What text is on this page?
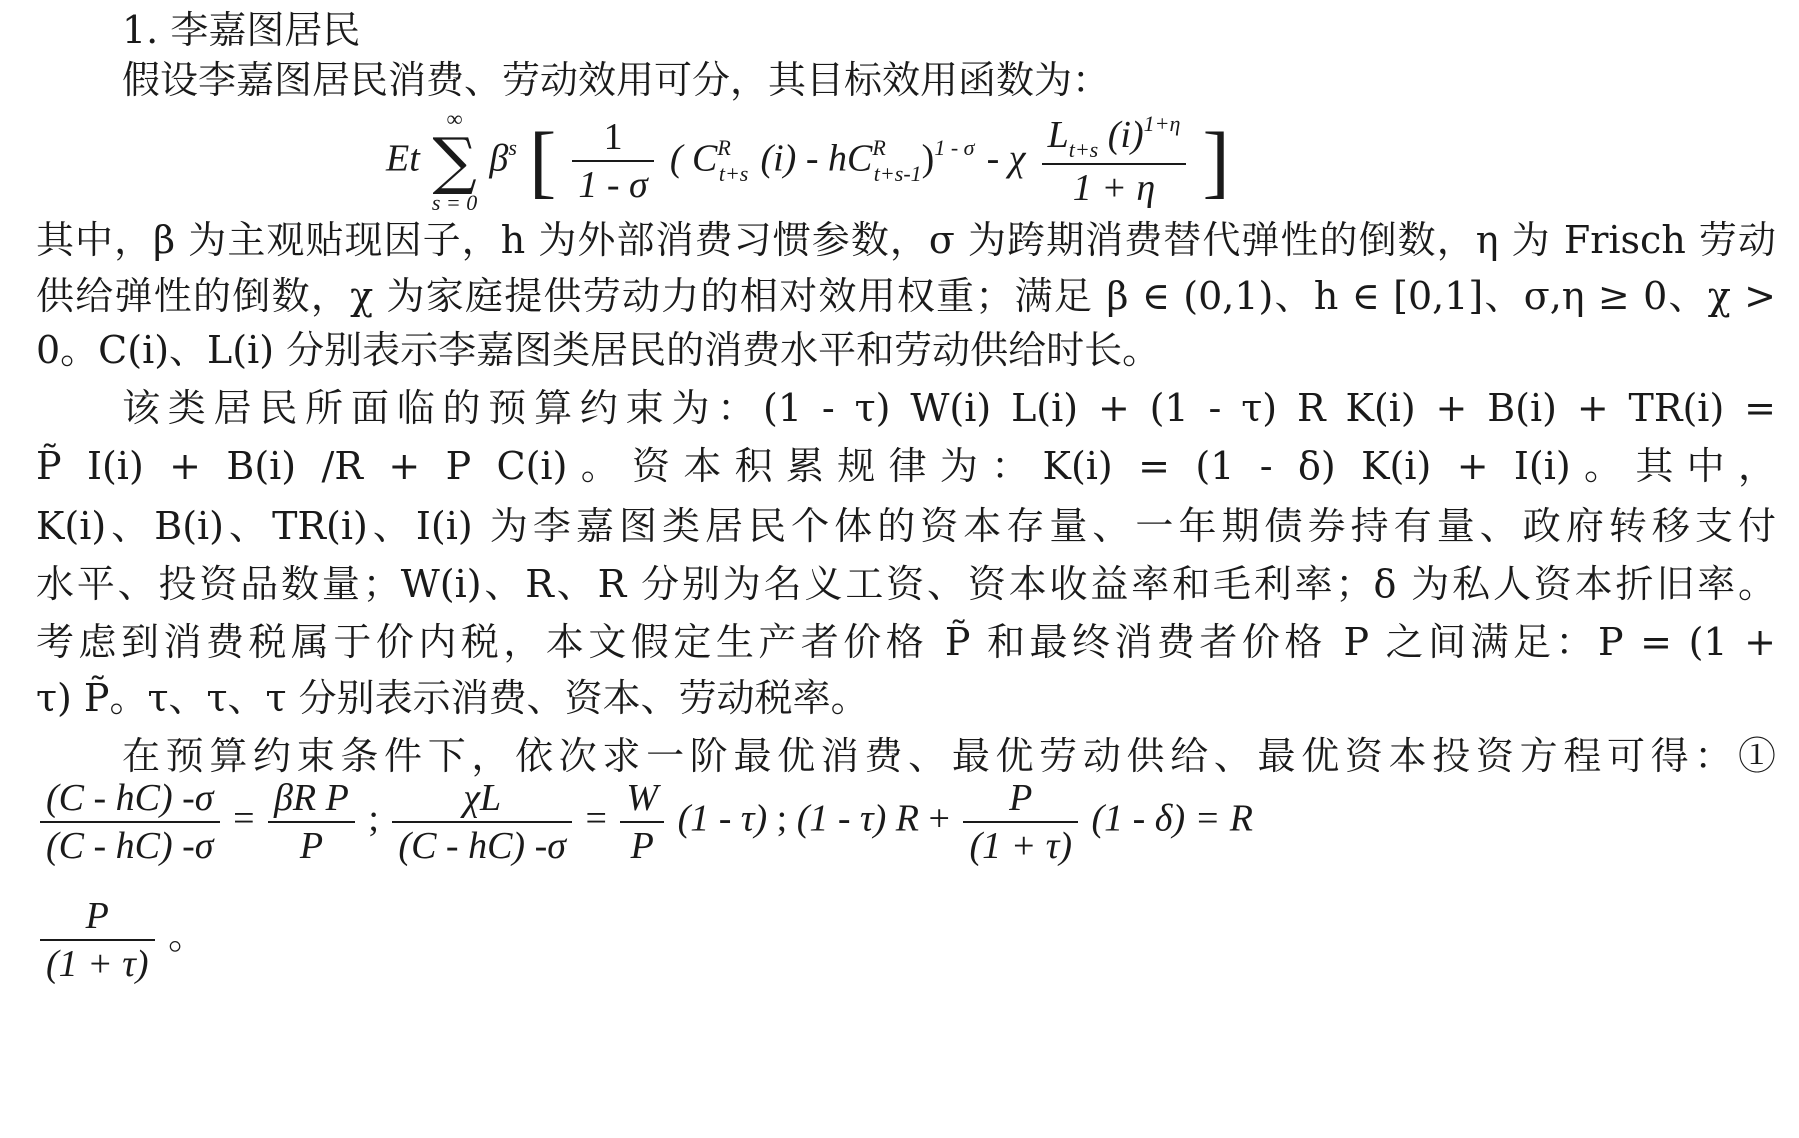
1. 李嘉图居民
假设李嘉图居民消费、劳动效用可分，其目标效用函数为：
Et
∞
∑
s = 0
$\beta^s$ [ $\frac{1}{1 - \sigma}$ ( $C^R_{t+s}$ $(i) - hC^R_{t+s-1})^{1 - \sigma}$ - χ $\frac{L_{t+s} (i)^{1+\eta}}{1 + \eta}$ ]
其中，β 为主观贴现因子，h 为外部消费习惯参数，σ 为跨期消费替代弹性的倒数，η 为 Frisch 劳动
供给弹性的倒数，χ 为家庭提供劳动力的相对效用权重；满足 β ∈ (0,1)、h ∈ [0,1]、σ,η ≥ 0、χ >
0。C(i)、L(i) 分别表示李嘉图类居民的消费水平和劳动供给时长。
该类居民所面临的预算约束为：(1 - τ) W(i) L(i) + (1 - τ) R K(i) + B(i) + TR(i) =
P̃ I(i) + B(i) /R + P C(i)。资本积累规律为：K(i) = (1 - δ) K(i) + I(i)。其中，
K(i)、B(i)、TR(i)、I(i) 为李嘉图类居民个体的资本存量、一年期债券持有量、政府转移支付
水平、投资品数量；W(i)、R、R 分别为名义工资、资本收益率和毛利率；δ 为私人资本折旧率。
考虑到消费税属于价内税，本文假定生产者价格 P̃ 和最终消费者价格 P 之间满足：P = (1 +
τ) P̃。τ、τ、τ 分别表示消费、资本、劳动税率。
在预算约束条件下，依次求一阶最优消费、最优劳动供给、最优资本投资方程可得：①
$\frac{(C - hC) -\sigma}{(C - hC) -\sigma} = \frac{\text{βR P}}{P}$ ; $\frac{\chi L}{(C - hC) -\sigma} = \frac{W}{P} (1 - \tau)$ ; (1 - τ) $R + \frac{P}{(1 + \tau)} (1 - \delta) = R$
$\frac{P}{(1 + \tau)}$ 。
